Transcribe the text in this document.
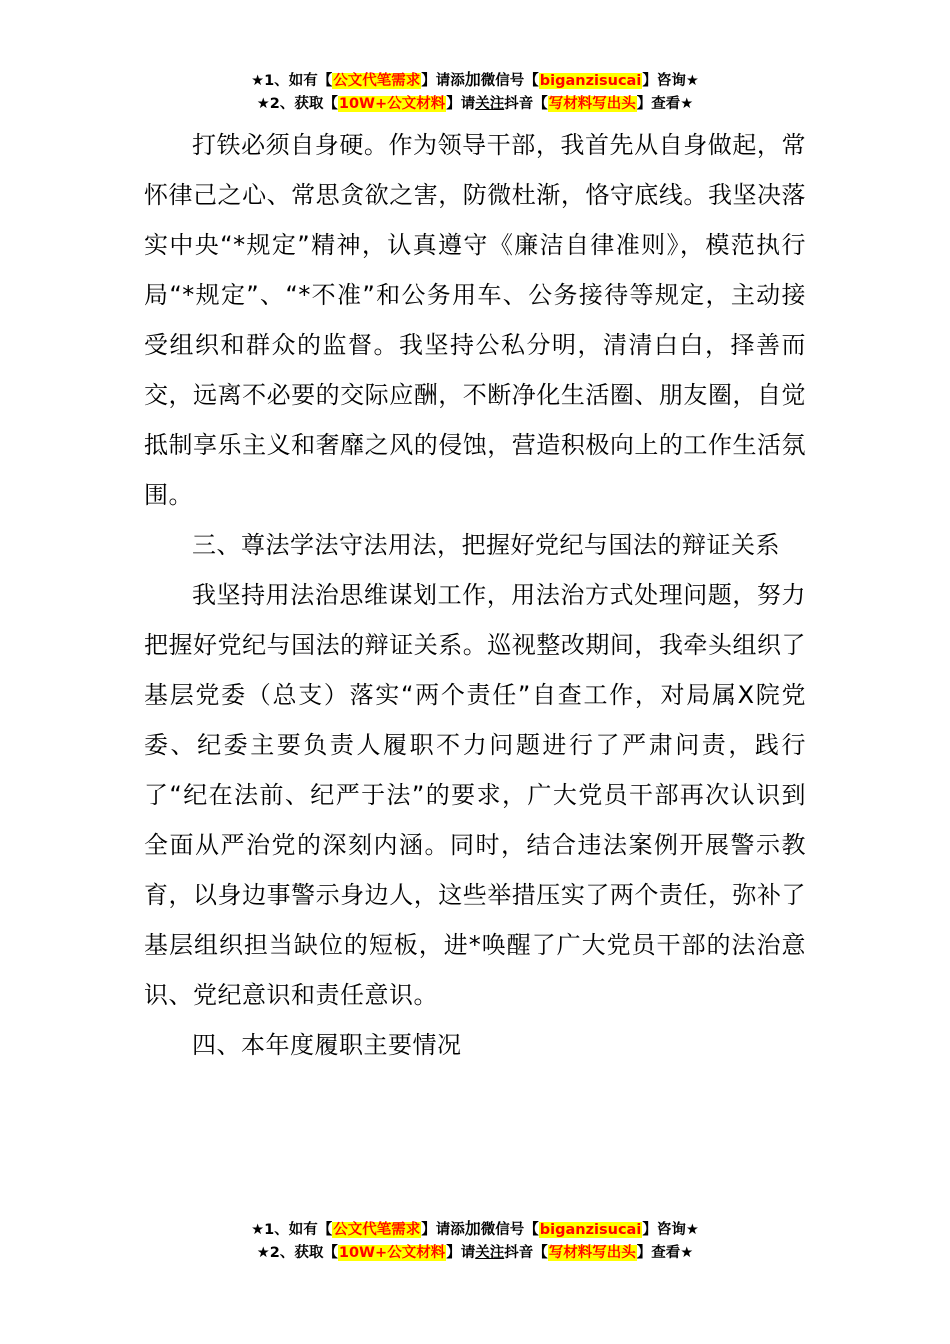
★1、如有【公文代笔需求】请添加微信号【biganzisucai】咨询★
★2、获取【10W+公文材料】请关注抖音【写材料写出头】查看★

打铁必须自身硬。作为领导干部，我首先从自身做起，常怀律己之心、常思贪欲之害，防微杜渐，恪守底线。我坚决落实中央“*规定”精神，认真遵守《廉洁自律准则》，模范执行局“*规定”、“*不准”和公务用车、公务接待等规定，主动接受组织和群众的监督。我坚持公私分明，清清白白，择善而交，远离不必要的交际应酬，不断净化生活圈、朋友圈，自觉抵制享乐主义和奢靡之风的侵蚀，营造积极向上的工作生活氛围。

三、尊法学法守法用法，把握好党纪与国法的辩证关系

我坚持用法治思维谋划工作，用法治方式处理问题，努力把握好党纪与国法的辩证关系。巡视整改期间，我牵头组织了基层党委（总支）落实“两个责任”自查工作，对局属X院党委、纪委主要负责人履职不力问题进行了严肃问责，践行了“纪在法前、纪严于法”的要求，广大党员干部再次认识到全面从严治党的深刻内涵。同时，结合违法案例开展警示教育，以身边事警示身边人，这些举措压实了两个责任，弥补了基层组织担当缺位的短板，进*唤醒了广大党员干部的法治意识、党纪意识和责任意识。

四、本年度履职主要情况

★1、如有【公文代笔需求】请添加微信号【biganzisucai】咨询★
★2、获取【10W+公文材料】请关注抖音【写材料写出头】查看★
